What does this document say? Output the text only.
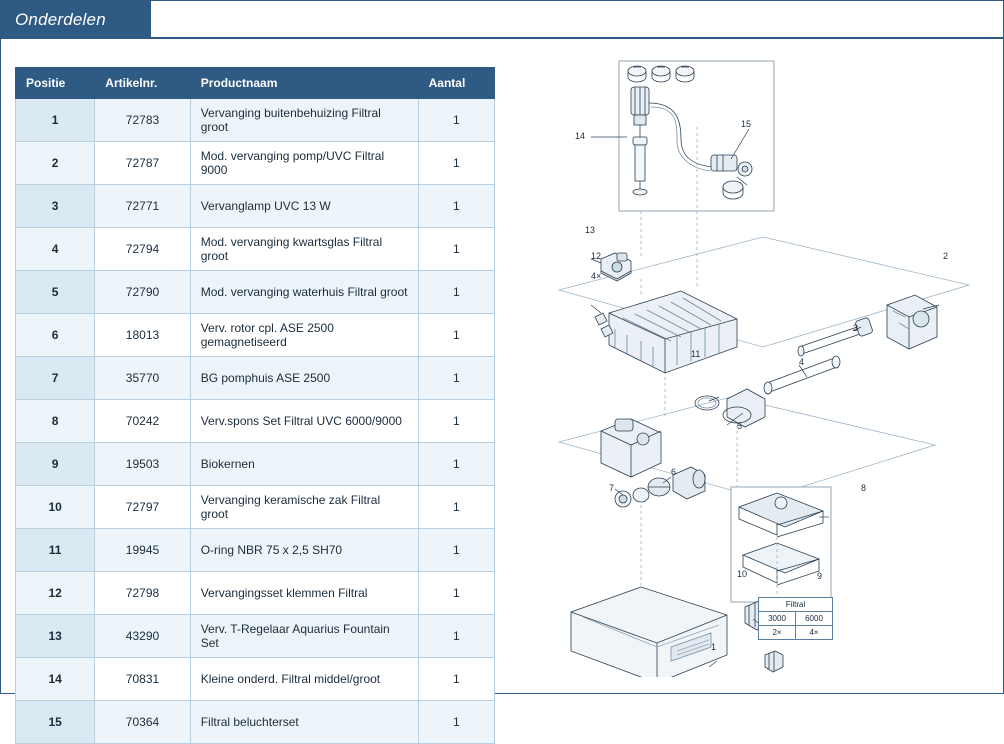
Onderdelen
Positie	Artikelnr.	Productnaam	Aantal
1	72783	Vervanging buitenbehuizing Filtral groot	1
2	72787	Mod. vervanging pomp/UVC Filtral 9000	1
3	72771	Vervanglamp UVC 13 W	1
4	72794	Mod. vervanging kwartsglas Filtral groot	1
5	72790	Mod. vervanging waterhuis Filtral groot	1
6	18013	Verv. rotor cpl. ASE 2500 gemagnetiseerd	1
7	35770	BG pomphuis ASE 2500	1
8	70242	Verv.spons Set Filtral UVC 6000/9000	1
9	19503	Biokernen	1
10	72797	Vervanging keramische zak Filtral groot	1
11	19945	O-ring NBR 75 x 2,5 SH70	1
12	72798	Vervangingsset klemmen Filtral	1
13	43290	Verv. T-Regelaar Aquarius Fountain Set	1
14	70831	Kleine onderd. Filtral middel/groot	1
15	70364	Filtral beluchterset	1
1
2
3
4
5
6
7	8
9
10
11
12
13
14
15
4×
Filtral	
3000	6000
2×	4×
